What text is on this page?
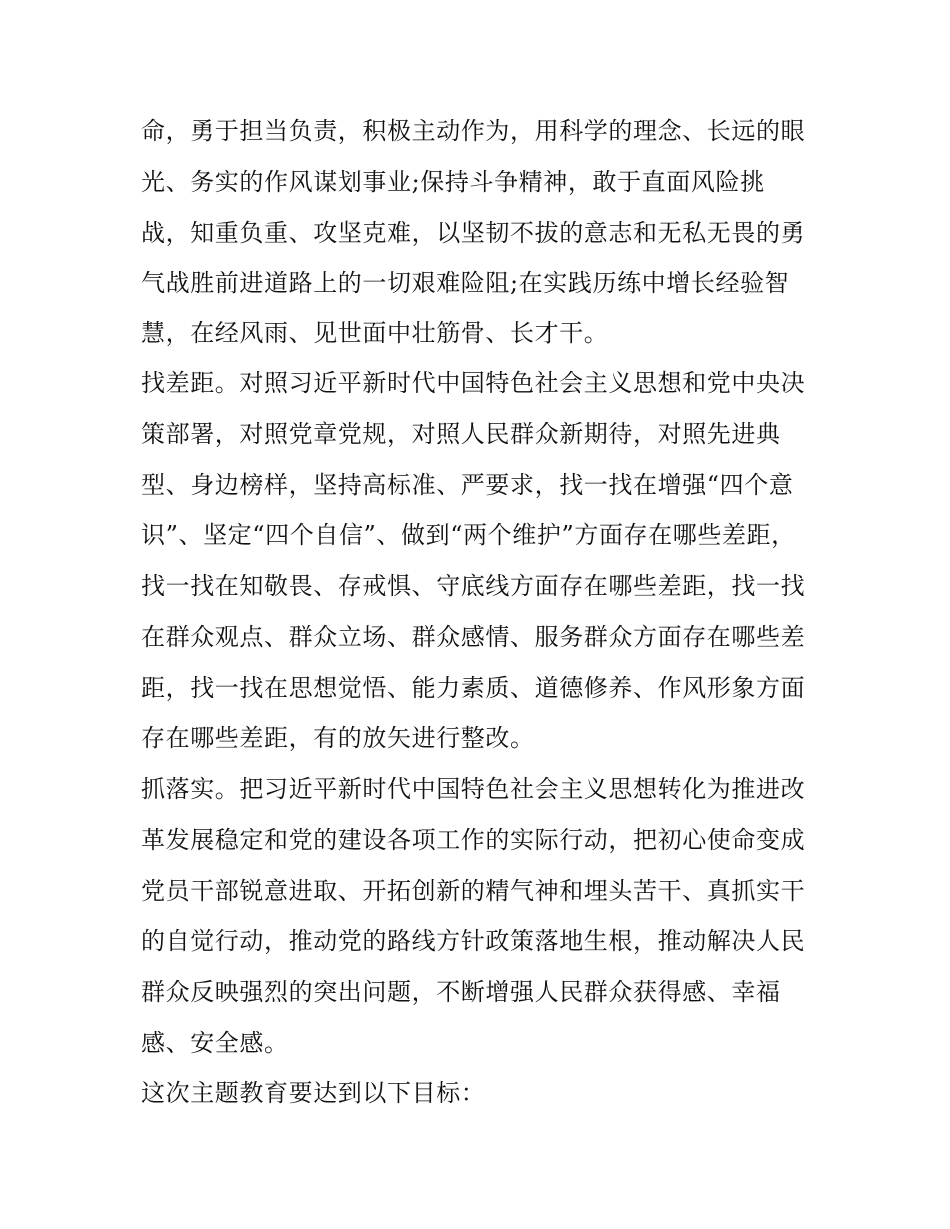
命，勇于担当负责，积极主动作为，用科学的理念、长远的眼
光、务实的作风谋划事业;保持斗争精神，敢于直面风险挑
战，知重负重、攻坚克难，以坚韧不拔的意志和无私无畏的勇
气战胜前进道路上的一切艰难险阻;在实践历练中增长经验智
慧，在经风雨、见世面中壮筋骨、长才干。
找差距。对照习近平新时代中国特色社会主义思想和党中央决
策部署，对照党章党规，对照人民群众新期待，对照先进典
型、身边榜样，坚持高标准、严要求，找一找在增强“四个意
识”、坚定“四个自信”、做到“两个维护”方面存在哪些差距，
找一找在知敬畏、存戒惧、守底线方面存在哪些差距，找一找
在群众观点、群众立场、群众感情、服务群众方面存在哪些差
距，找一找在思想觉悟、能力素质、道德修养、作风形象方面
存在哪些差距，有的放矢进行整改。
抓落实。把习近平新时代中国特色社会主义思想转化为推进改
革发展稳定和党的建设各项工作的实际行动，把初心使命变成
党员干部锐意进取、开拓创新的精气神和埋头苦干、真抓实干
的自觉行动，推动党的路线方针政策落地生根，推动解决人民
群众反映强烈的突出问题，不断增强人民群众获得感、幸福
感、安全感。
这次主题教育要达到以下目标：
